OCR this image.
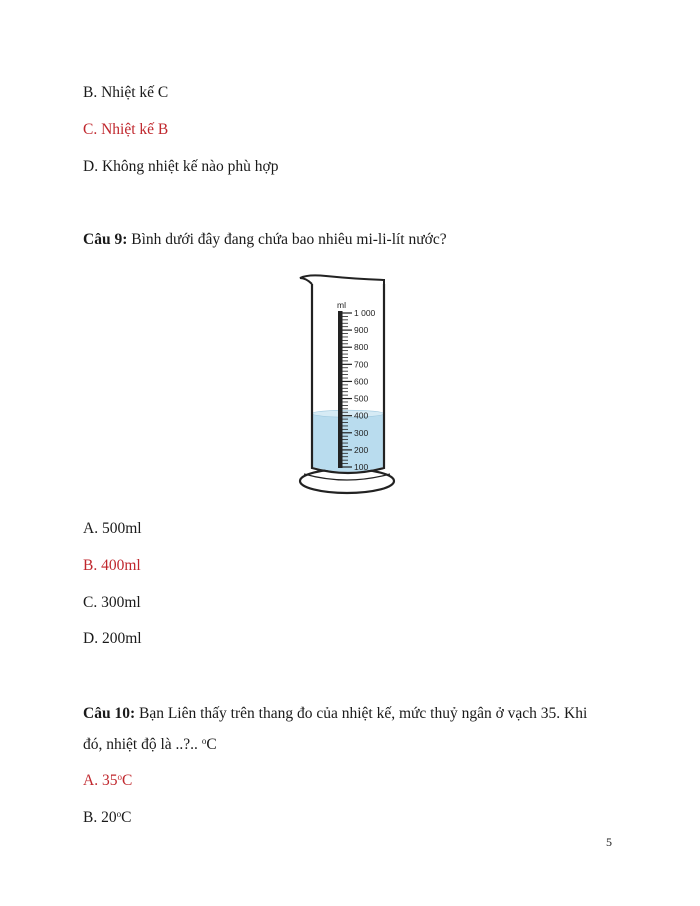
B. Nhiệt kế C
C. Nhiệt kế B
D. Không nhiệt kế nào phù hợp
Câu 9: Bình dưới đây đang chứa bao nhiêu mi-li-lít nước?
1 000
900
800
700
600
500
400
300
200
100
ml
A. 500ml
B. 400ml
C. 300ml
D. 200ml
Câu 10: Bạn Liên thấy trên thang đo của nhiệt kế, mức thuỷ ngân ở vạch 35. Khi
đó, nhiệt độ là ..?.. $^o$C
A. 35$^o$C
B. 20$^o$C
5
